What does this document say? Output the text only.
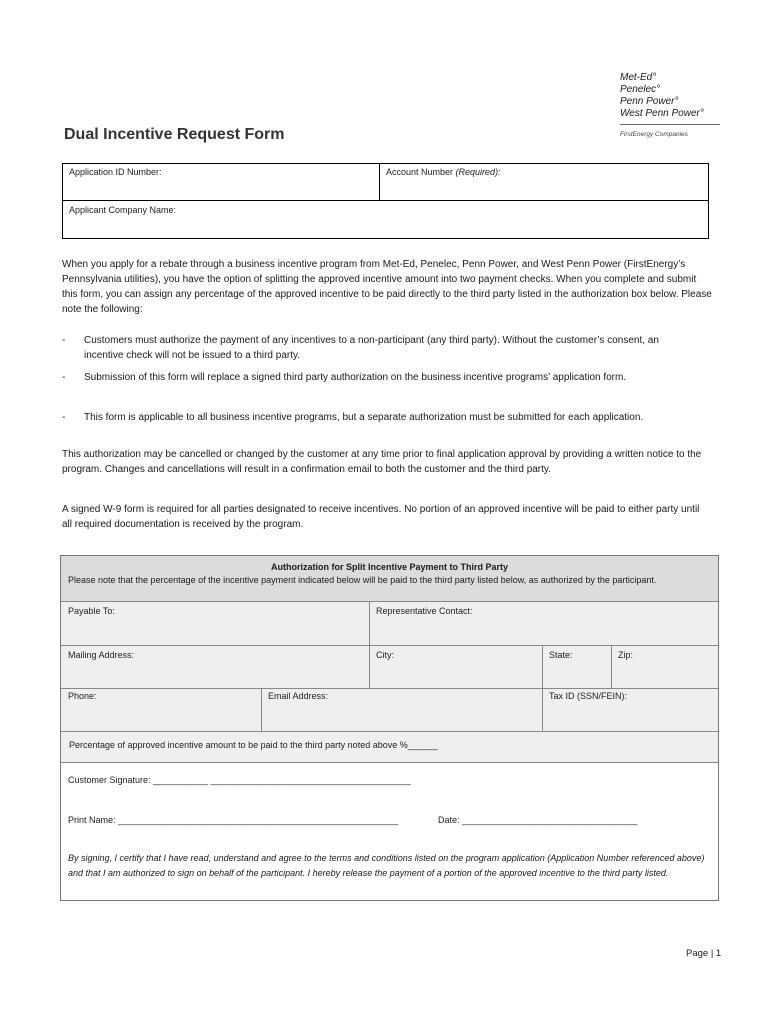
Met-Ed°
Penelec°
Penn Power°
West Penn Power°
FirstEnergy Companies
Dual Incentive Request Form
Application ID Number:	Account Number (Required):
Applicant Company Name:

When you apply for a rebate through a business incentive program from Met-Ed, Penelec, Penn Power, and West Penn Power (FirstEnergy’s Pennsylvania utilities), you have the option of splitting the approved incentive amount into two payment checks. When you complete and submit this form, you can assign any percentage of the approved incentive to be paid directly to the third party listed in the authorization box below. Please note the following:

- Customers must authorize the payment of any incentives to a non-participant (any third party). Without the customer’s consent, an incentive check will not be issued to a third party.
- Submission of this form will replace a signed third party authorization on the business incentive programs’ application form.
- This form is applicable to all business incentive programs, but a separate authorization must be submitted for each application.

This authorization may be cancelled or changed by the customer at any time prior to final application approval by providing a written notice to the program. Changes and cancellations will result in a confirmation email to both the customer and the third party.

A signed W-9 form is required for all parties designated to receive incentives. No portion of an approved incentive will be paid to either party until all required documentation is received by the program.

Authorization for Split Incentive Payment to Third Party
Please note that the percentage of the incentive payment indicated below will be paid to the third party listed below, as authorized by the participant.
Payable To:	Representative Contact:
Mailing Address:	City:	State:	Zip:
Phone:	Email Address:	Tax ID (SSN/FEIN):
Percentage of approved incentive amount to be paid to the third party noted above %______
Customer Signature: ___________ ________________________________________
Print Name: ________________________________________________________	Date: ___________________________________
By signing, I certify that I have read, understand and agree to the terms and conditions listed on the program application (Application Number referenced above) and that I am authorized to sign on behalf of the participant. I hereby release the payment of a portion of the approved incentive to the third party listed.
Page | 1
